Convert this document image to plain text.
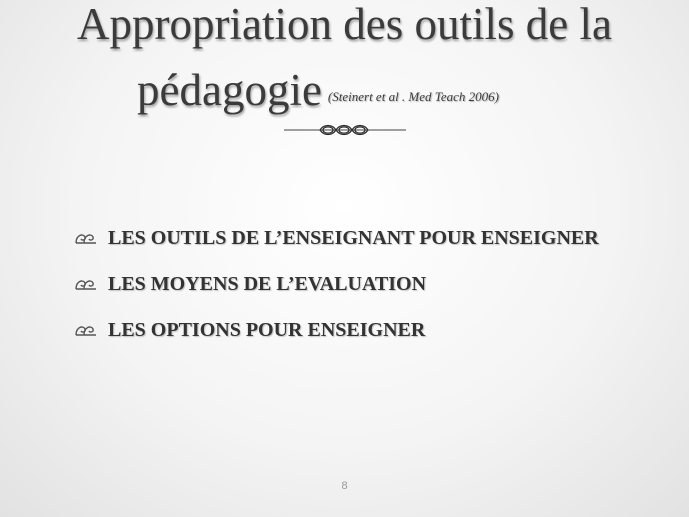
Appropriation des outils de la
pédagogie (Steinert et al . Med Teach 2006)
LES OUTILS DE L’ENSEIGNANT POUR ENSEIGNER
LES MOYENS DE L’EVALUATION
LES OPTIONS POUR ENSEIGNER
8
